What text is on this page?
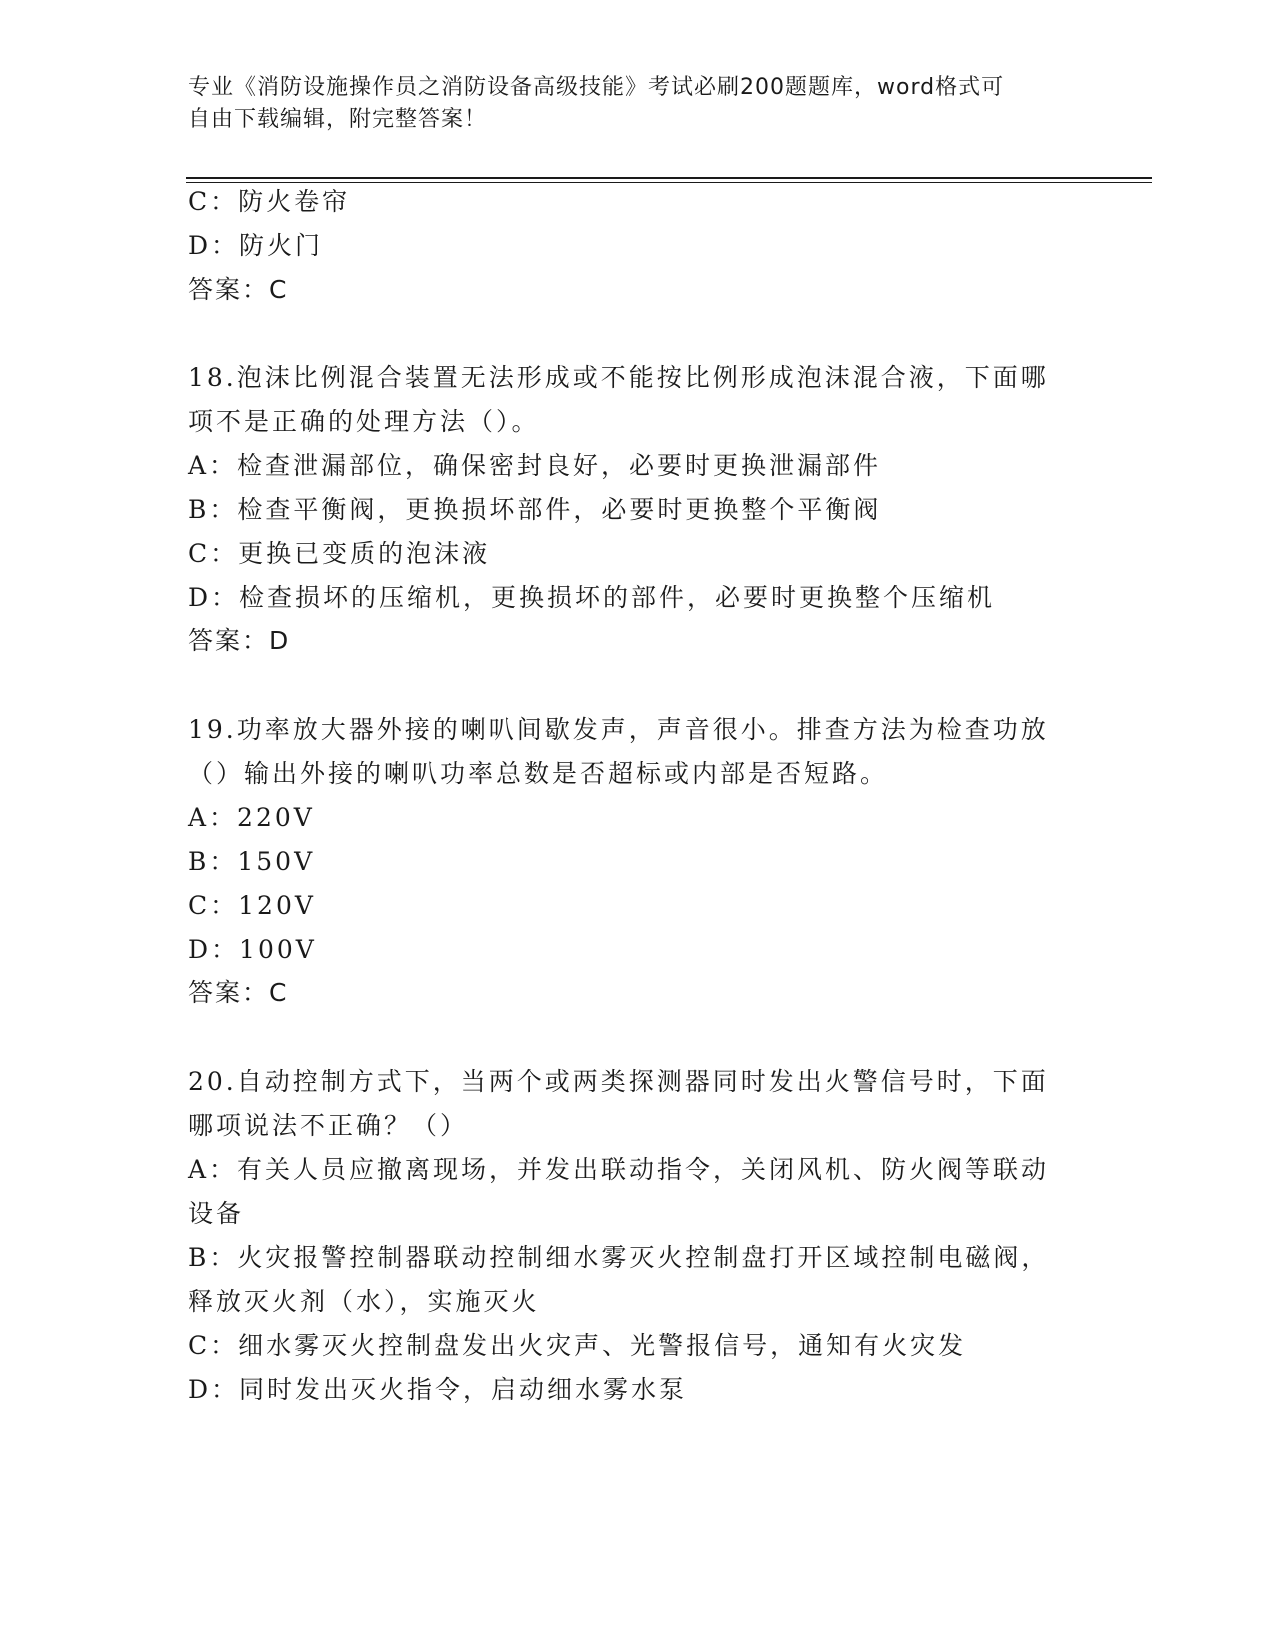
专业《消防设施操作员之消防设备高级技能》考试必刷200题题库，word格式可
自由下载编辑，附完整答案！
C：防火卷帘
D：防火门
答案：C
18.泡沫比例混合装置无法形成或不能按比例形成泡沫混合液，下面哪
项不是正确的处理方法（）。
A：检查泄漏部位，确保密封良好，必要时更换泄漏部件
B：检查平衡阀，更换损坏部件，必要时更换整个平衡阀
C：更换已变质的泡沫液
D：检查损坏的压缩机，更换损坏的部件，必要时更换整个压缩机
答案：D
19.功率放大器外接的喇叭间歇发声，声音很小。排查方法为检查功放
（）输出外接的喇叭功率总数是否超标或内部是否短路。
A：220V
B：150V
C：120V
D：100V
答案：C
20.自动控制方式下，当两个或两类探测器同时发出火警信号时，下面
哪项说法不正确？（）
A：有关人员应撤离现场，并发出联动指令，关闭风机、防火阀等联动
设备
B：火灾报警控制器联动控制细水雾灭火控制盘打开区域控制电磁阀，
释放灭火剂（水），实施灭火
C：细水雾灭火控制盘发出火灾声、光警报信号，通知有火灾发
D：同时发出灭火指令，启动细水雾水泵
